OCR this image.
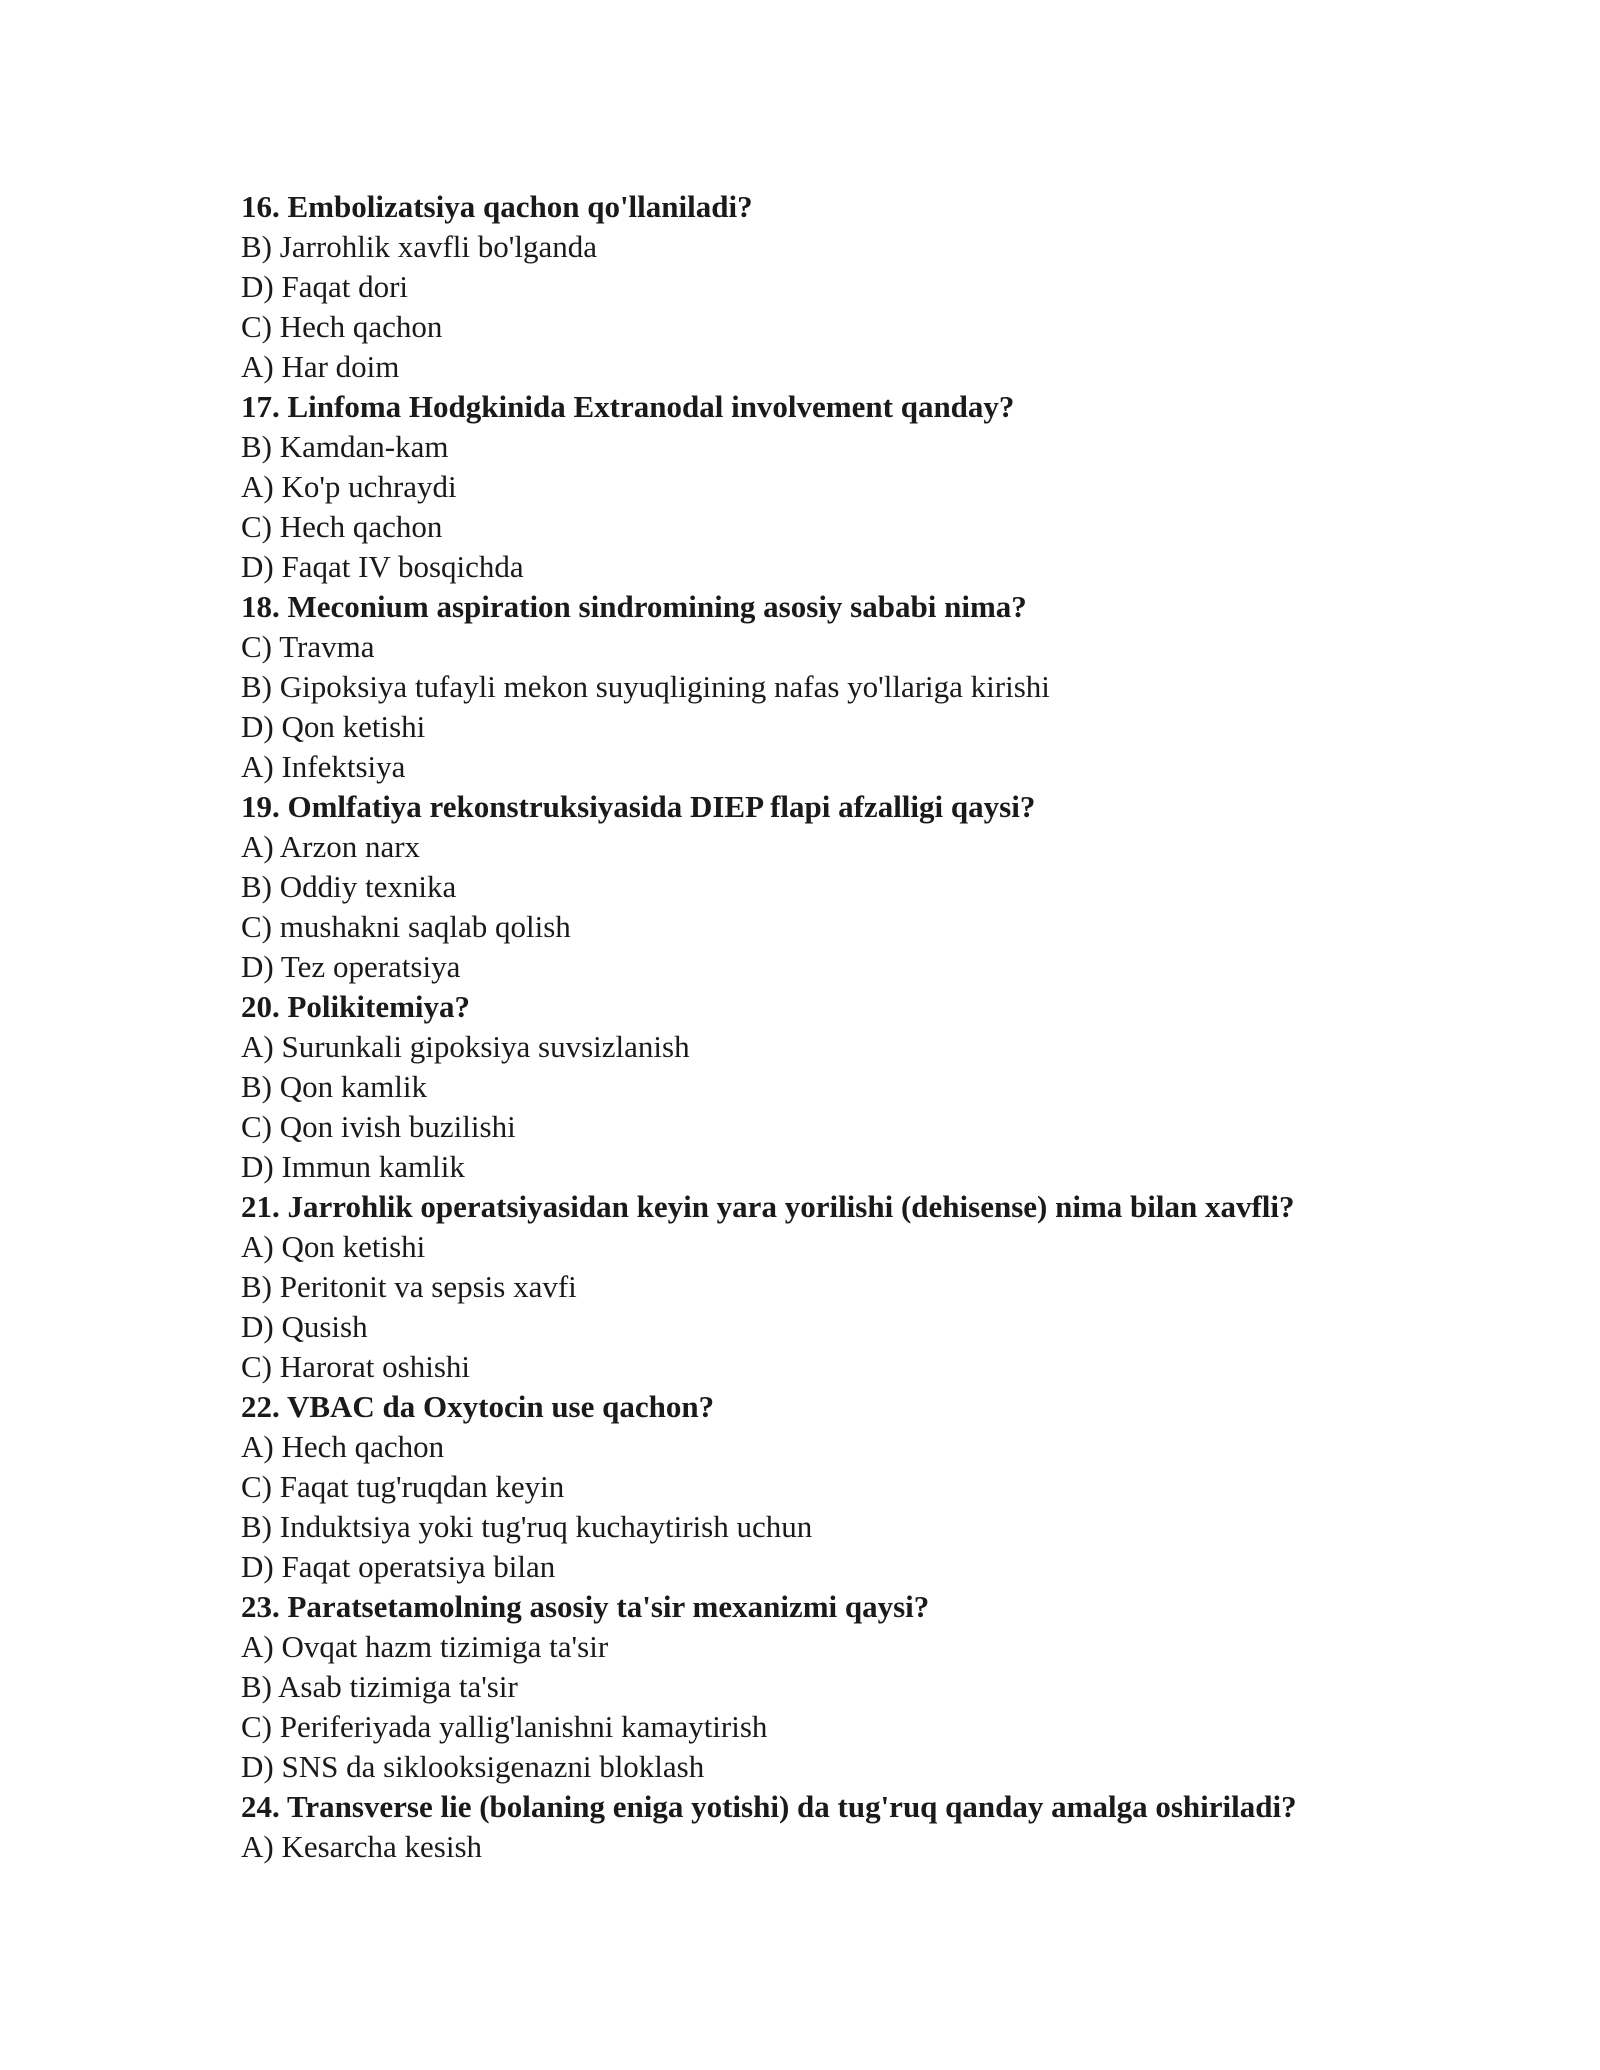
16. Embolizatsiya qachon qo'llaniladi?
B) Jarrohlik xavfli bo'lganda
D) Faqat dori
C) Hech qachon
A) Har doim
17. Linfoma Hodgkinida Extranodal involvement qanday?
B) Kamdan-kam
A) Ko'p uchraydi
C) Hech qachon
D) Faqat IV bosqichda
18. Meconium aspiration sindromining asosiy sababi nima?
C) Travma
B) Gipoksiya tufayli mekon suyuqligining nafas yo'llariga kirishi
D) Qon ketishi
A) Infektsiya
19. Omlfatiya rekonstruksiyasida DIEP flapi afzalligi qaysi?
A) Arzon narx
B) Oddiy texnika
C) mushakni saqlab qolish
D) Tez operatsiya
20. Polikitemiya?
A) Surunkali gipoksiya suvsizlanish
B) Qon kamlik
C) Qon ivish buzilishi
D) Immun kamlik
21. Jarrohlik operatsiyasidan keyin yara yorilishi (dehisense) nima bilan xavfli?
A) Qon ketishi
B) Peritonit va sepsis xavfi
D) Qusish
C) Harorat oshishi
22. VBAC da Oxytocin use qachon?
A) Hech qachon
C) Faqat tug'ruqdan keyin
B) Induktsiya yoki tug'ruq kuchaytirish uchun
D) Faqat operatsiya bilan
23. Paratsetamolning asosiy ta'sir mexanizmi qaysi?
A) Ovqat hazm tizimiga ta'sir
B) Asab tizimiga ta'sir
C) Periferiyada yallig'lanishni kamaytirish
D) SNS da siklooksigenazni bloklash
24. Transverse lie (bolaning eniga yotishi) da tug'ruq qanday amalga oshiriladi?
A) Kesarcha kesish
